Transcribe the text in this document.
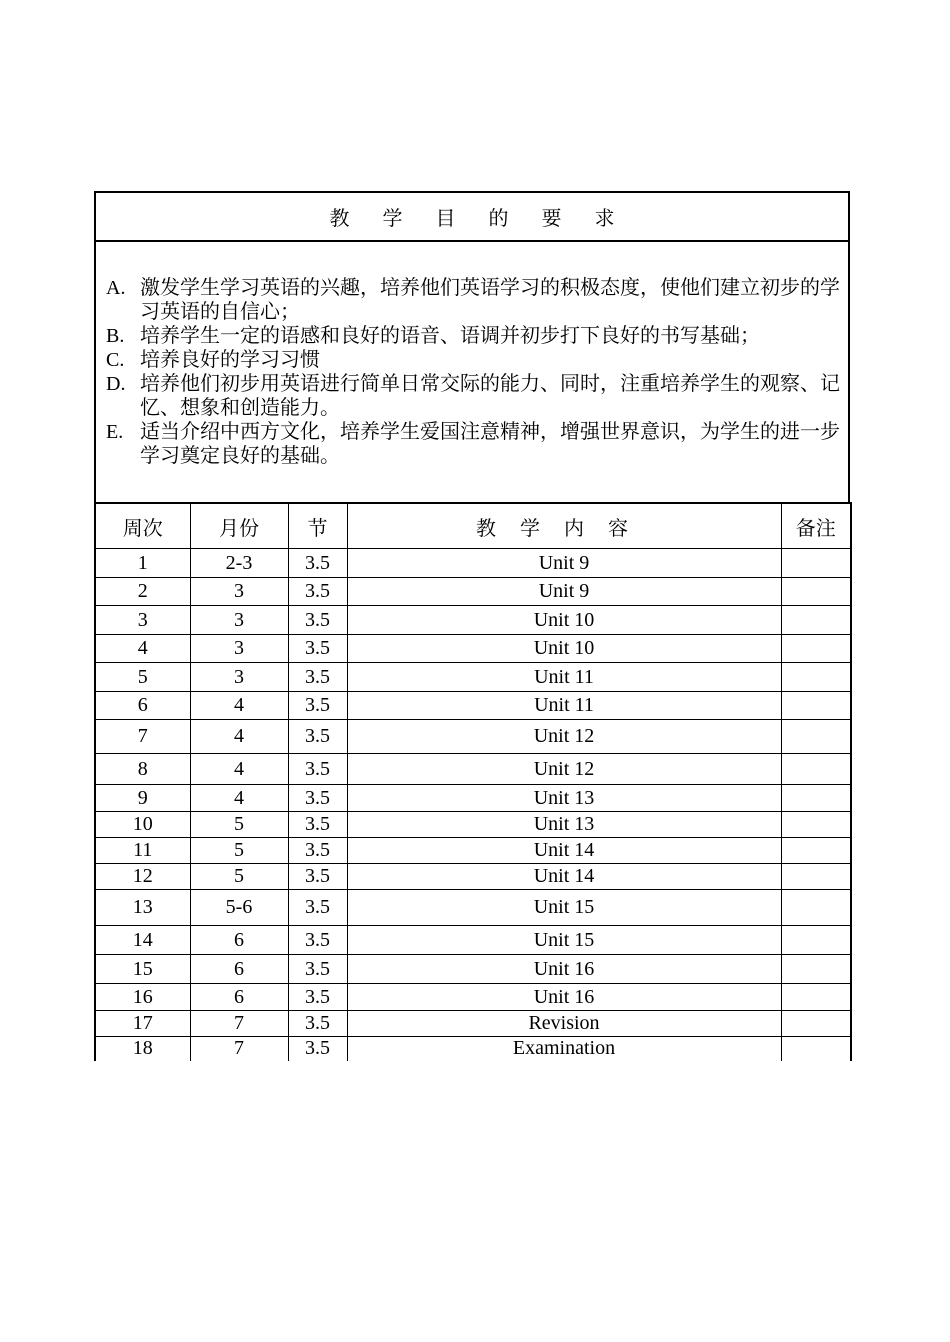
教 学 目 的 要 求
A. 激发学生学习英语的兴趣，培养他们英语学习的积极态度，使他们建立初步的学习英语的自信心；
B. 培养学生一定的语感和良好的语音、语调并初步打下良好的书写基础；
C. 培养良好的学习习惯
D. 培养他们初步用英语进行简单日常交际的能力、同时，注重培养学生的观察、记忆、想象和创造能力。
E. 适当介绍中西方文化，培养学生爱国注意精神，增强世界意识，为学生的进一步学习奠定良好的基础。
周次	月份	节	教学内容	备注
1	2-3	3.5	Unit 9	
2	3	3.5	Unit 9	
3	3	3.5	Unit 10	
4	3	3.5	Unit 10	
5	3	3.5	Unit 11	
6	4	3.5	Unit 11	
7	4	3.5	Unit 12	
8	4	3.5	Unit 12	
9	4	3.5	Unit 13	
10	5	3.5	Unit 13	
11	5	3.5	Unit 14	
12	5	3.5	Unit 14	
13	5-6	3.5	Unit 15	
14	6	3.5	Unit 15	
15	6	3.5	Unit 16	
16	6	3.5	Unit 16	
17	7	3.5	Revision	
18	7	3.5	Examination	
